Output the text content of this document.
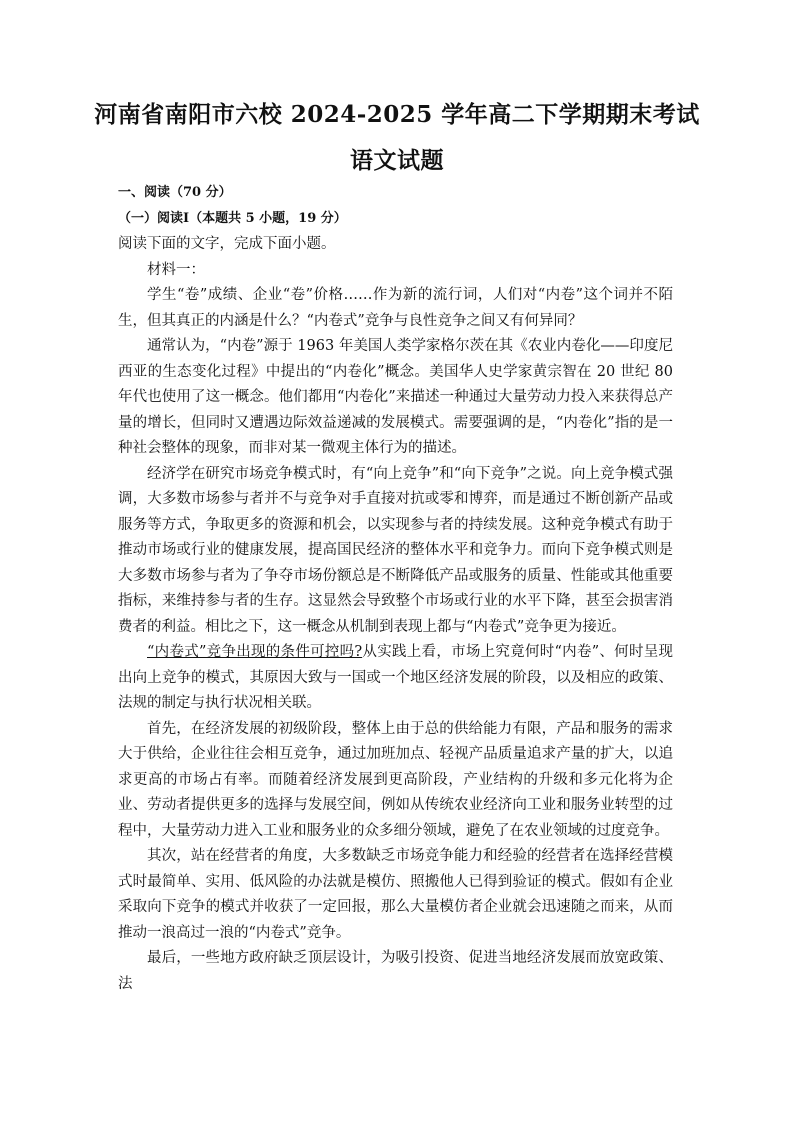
河南省南阳市六校 2024-2025 学年高二下学期期末考试
语文试题
一、阅读（70 分）
（一）阅读Ⅰ（本题共 5 小题，19 分）

阅读下面的文字，完成下面小题。

材料一：

学生“卷”成绩、企业“卷”价格……作为新的流行词，人们对“内卷”这个词并不陌生，但其真正的内涵是什么？“内卷式”竞争与良性竞争之间又有何异同？

通常认为，“内卷”源于 1963 年美国人类学家格尔茨在其《农业内卷化——印度尼西亚的生态变化过程》中提出的“内卷化”概念。美国华人史学家黄宗智在 20 世纪 80 年代也使用了这一概念。他们都用“内卷化”来描述一种通过大量劳动力投入来获得总产量的增长，但同时又遭遇边际效益递减的发展模式。需要强调的是，“内卷化”指的是一种社会整体的现象，而非对某一微观主体行为的描述。

经济学在研究市场竞争模式时，有“向上竞争”和“向下竞争”之说。向上竞争模式强调，大多数市场参与者并不与竞争对手直接对抗或零和博弈，而是通过不断创新产品或服务等方式，争取更多的资源和机会，以实现参与者的持续发展。这种竞争模式有助于推动市场或行业的健康发展，提高国民经济的整体水平和竞争力。而向下竞争模式则是大多数市场参与者为了争夺市场份额总是不断降低产品或服务的质量、性能或其他重要指标，来维持参与者的生存。这显然会导致整个市场或行业的水平下降，甚至会损害消费者的利益。相比之下，这一概念从机制到表现上都与“内卷式”竞争更为接近。

“内卷式”竞争出现的条件可控吗?从实践上看，市场上究竟何时“内卷”、何时呈现出向上竞争的模式，其原因大致与一国或一个地区经济发展的阶段，以及相应的政策、法规的制定与执行状况相关联。

首先，在经济发展的初级阶段，整体上由于总的供给能力有限，产品和服务的需求大于供给，企业往往会相互竞争，通过加班加点、轻视产品质量追求产量的扩大，以追求更高的市场占有率。而随着经济发展到更高阶段，产业结构的升级和多元化将为企业、劳动者提供更多的选择与发展空间，例如从传统农业经济向工业和服务业转型的过程中，大量劳动力进入工业和服务业的众多细分领域，避免了在农业领域的过度竞争。

其次，站在经营者的角度，大多数缺乏市场竞争能力和经验的经营者在选择经营模式时最简单、实用、低风险的办法就是模仿、照搬他人已得到验证的模式。假如有企业采取向下竞争的模式并收获了一定回报，那么大量模仿者企业就会迅速随之而来，从而推动一浪高过一浪的“内卷式”竞争。

最后，一些地方政府缺乏顶层设计，为吸引投资、促进当地经济发展而放宽政策、法
